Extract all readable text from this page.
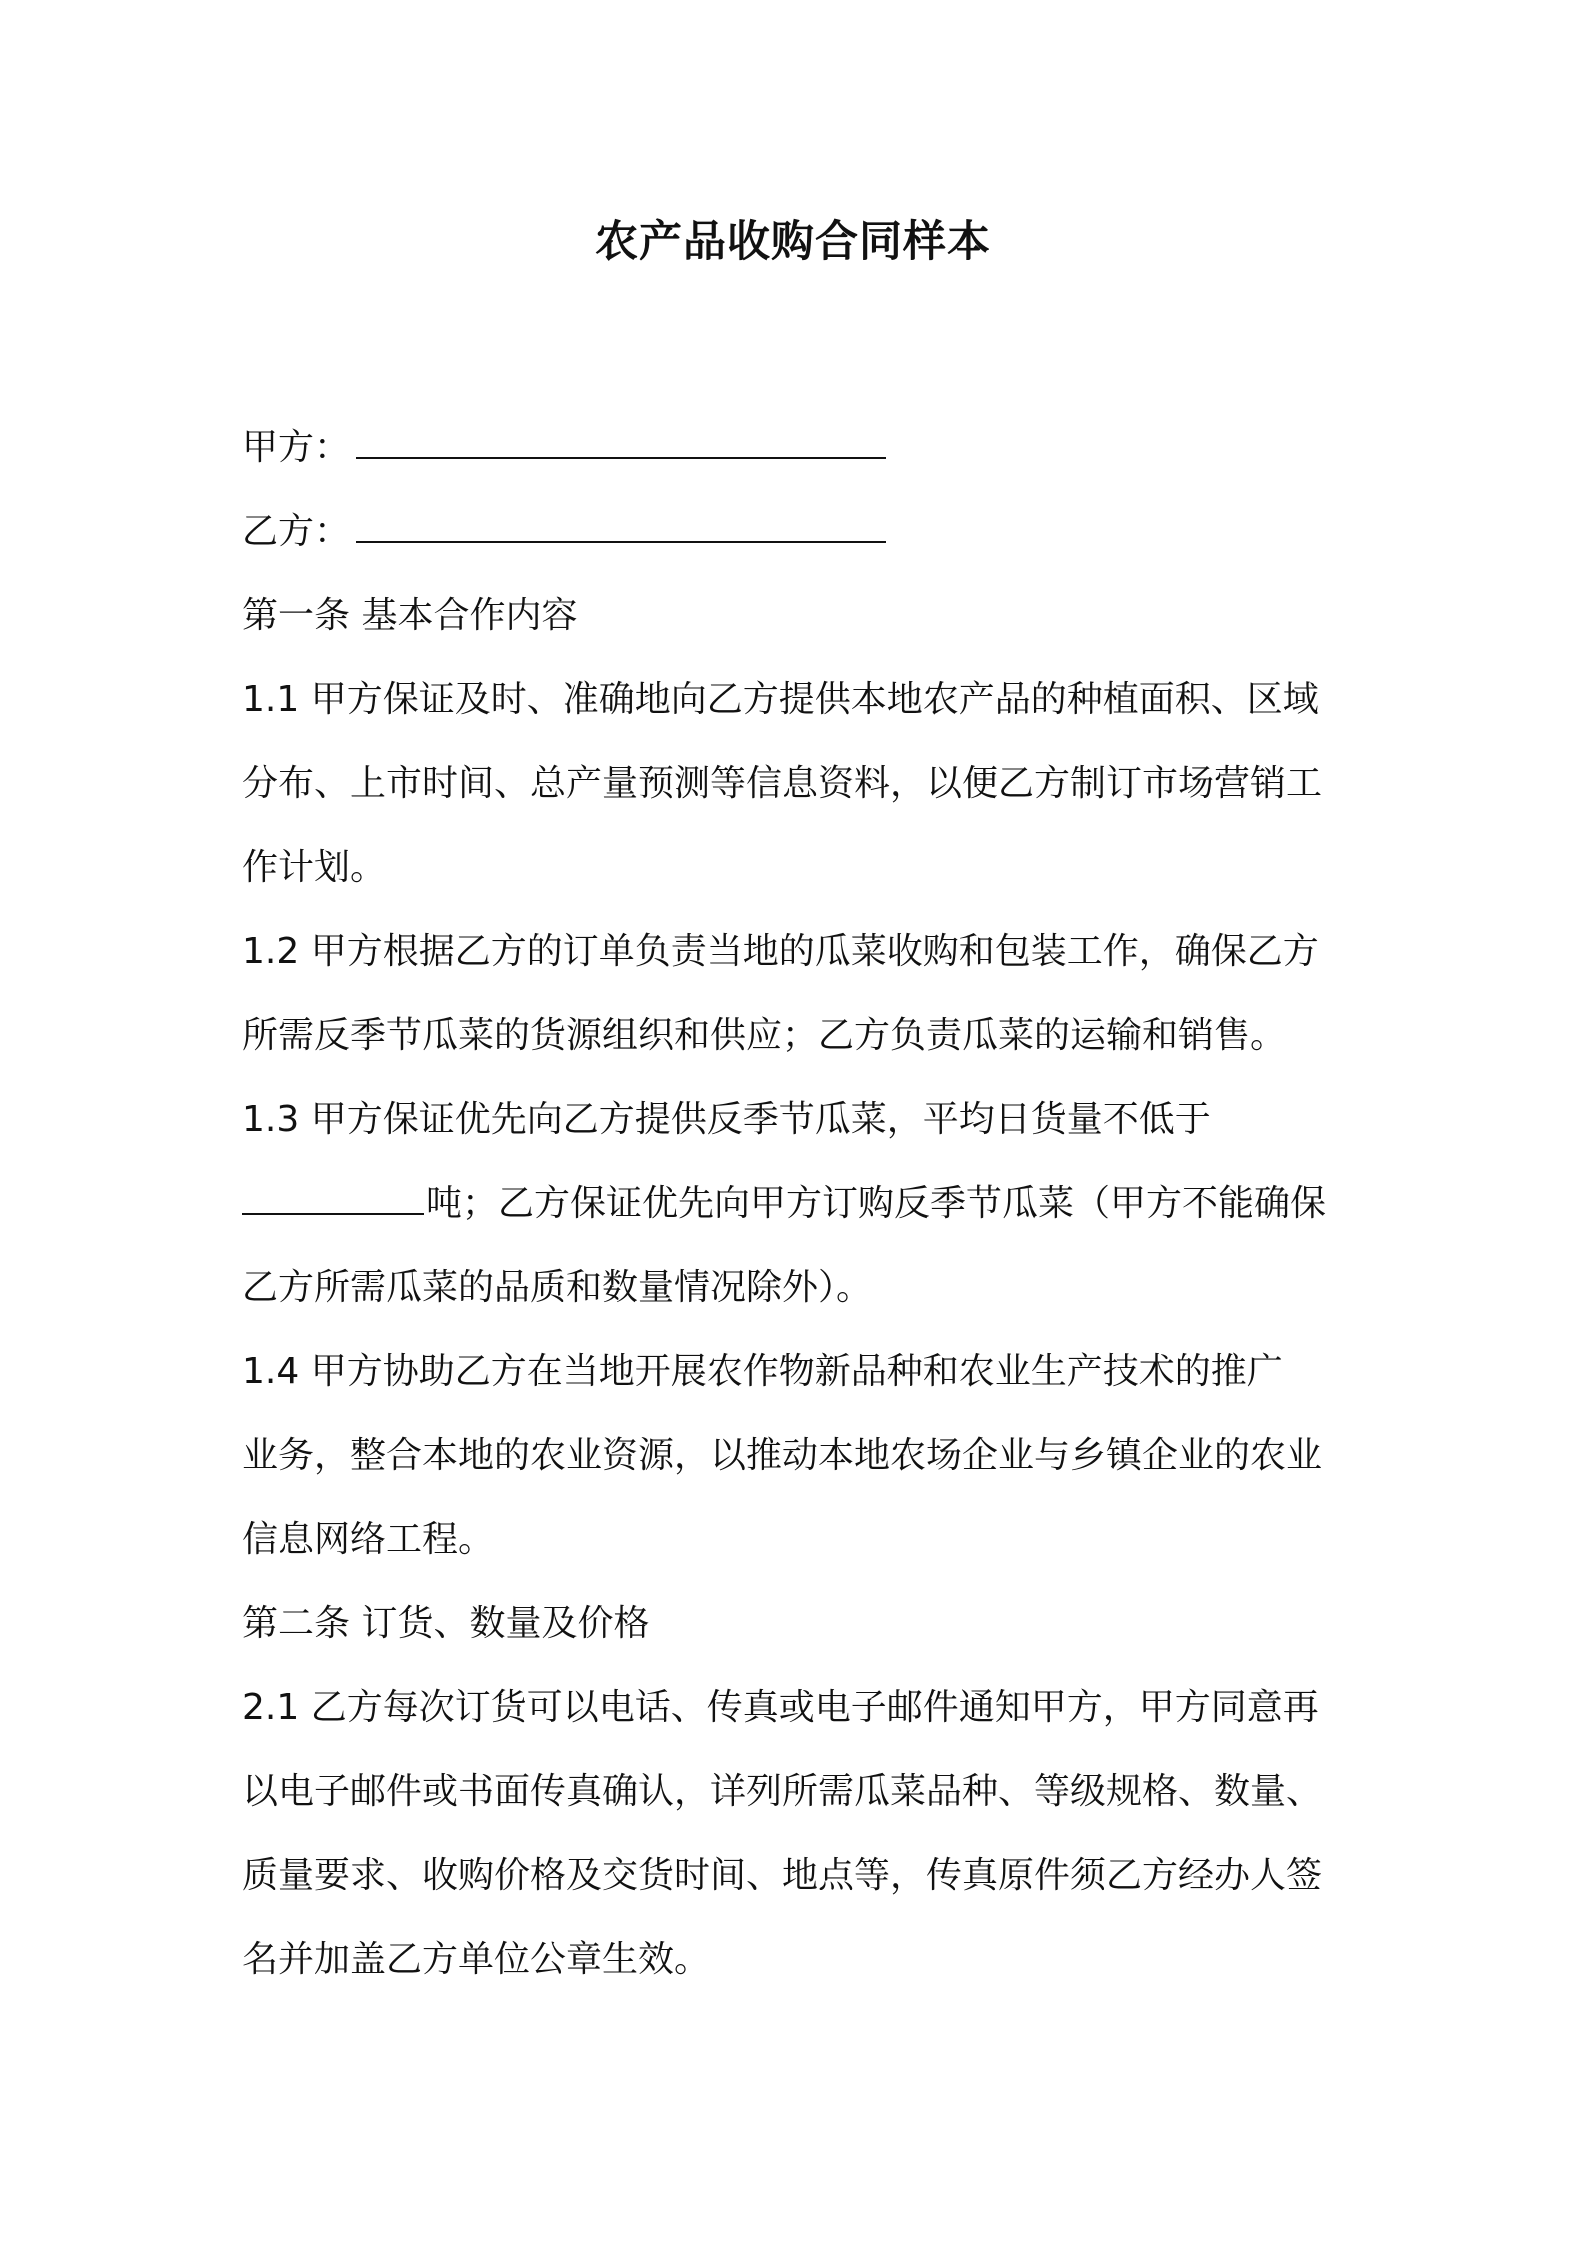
农产品收购合同样本
甲方：
乙方：
第一条 基本合作内容
1.1 甲方保证及时、准确地向乙方提供本地农产品的种植面积、区域
分布、上市时间、总产量预测等信息资料，以便乙方制订市场营销工
作计划。
1.2 甲方根据乙方的订单负责当地的瓜菜收购和包装工作，确保乙方
所需反季节瓜菜的货源组织和供应；乙方负责瓜菜的运输和销售。
1.3 甲方保证优先向乙方提供反季节瓜菜，平均日货量不低于
吨；乙方保证优先向甲方订购反季节瓜菜（甲方不能确保
乙方所需瓜菜的品质和数量情况除外）。
1.4 甲方协助乙方在当地开展农作物新品种和农业生产技术的推广
业务，整合本地的农业资源，以推动本地农场企业与乡镇企业的农业
信息网络工程。
第二条 订货、数量及价格
2.1 乙方每次订货可以电话、传真或电子邮件通知甲方，甲方同意再
以电子邮件或书面传真确认，详列所需瓜菜品种、等级规格、数量、
质量要求、收购价格及交货时间、地点等，传真原件须乙方经办人签
名并加盖乙方单位公章生效。
